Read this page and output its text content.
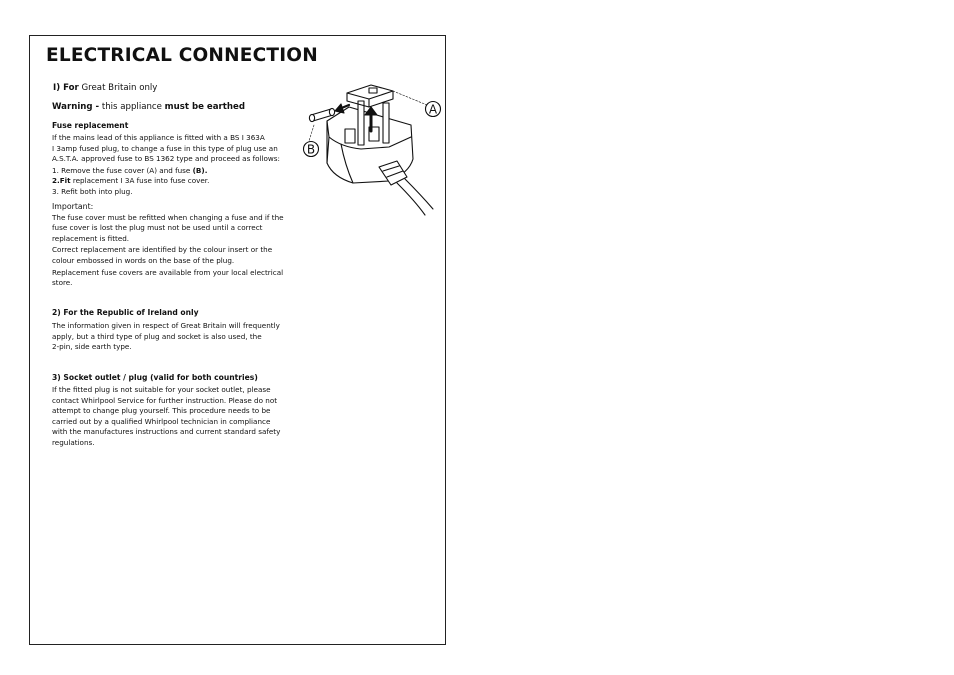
ELECTRICAL CONNECTION

I) For Great Britain only

Warning - this appliance must be earthed

Fuse replacement

If the mains lead of this appliance is fitted with a BS I 363A
I 3amp fused plug, to change a fuse in this type of plug use an
A.S.T.A. approved fuse to BS 1362 type and proceed as follows:
1. Remove the fuse cover (A) and fuse (B).
2.Fit replacement I 3A fuse into fuse cover.
3. Refit both into plug.
Important:
The fuse cover must be refitted when changing a fuse and if the
fuse cover is lost the plug must not be used until a correct
replacement is fitted.
Correct replacement are identified by the colour insert or the
colour embossed in words on the base of the plug.
Replacement fuse covers are available from your local electrical
store.

2) For the Republic of Ireland only

The information given in respect of Great Britain will frequently
apply, but a third type of plug and socket is also used, the
2-pin, side earth type.

3) Socket outlet / plug (valid for both countries)

If the fitted plug is not suitable for your socket outlet, please
contact Whirlpool Service for further instruction. Please do not
attempt to change plug yourself. This procedure needs to be
carried out by a qualified Whirlpool technician in compliance
with the manufactures instructions and current standard safety
regulations.
A
B
